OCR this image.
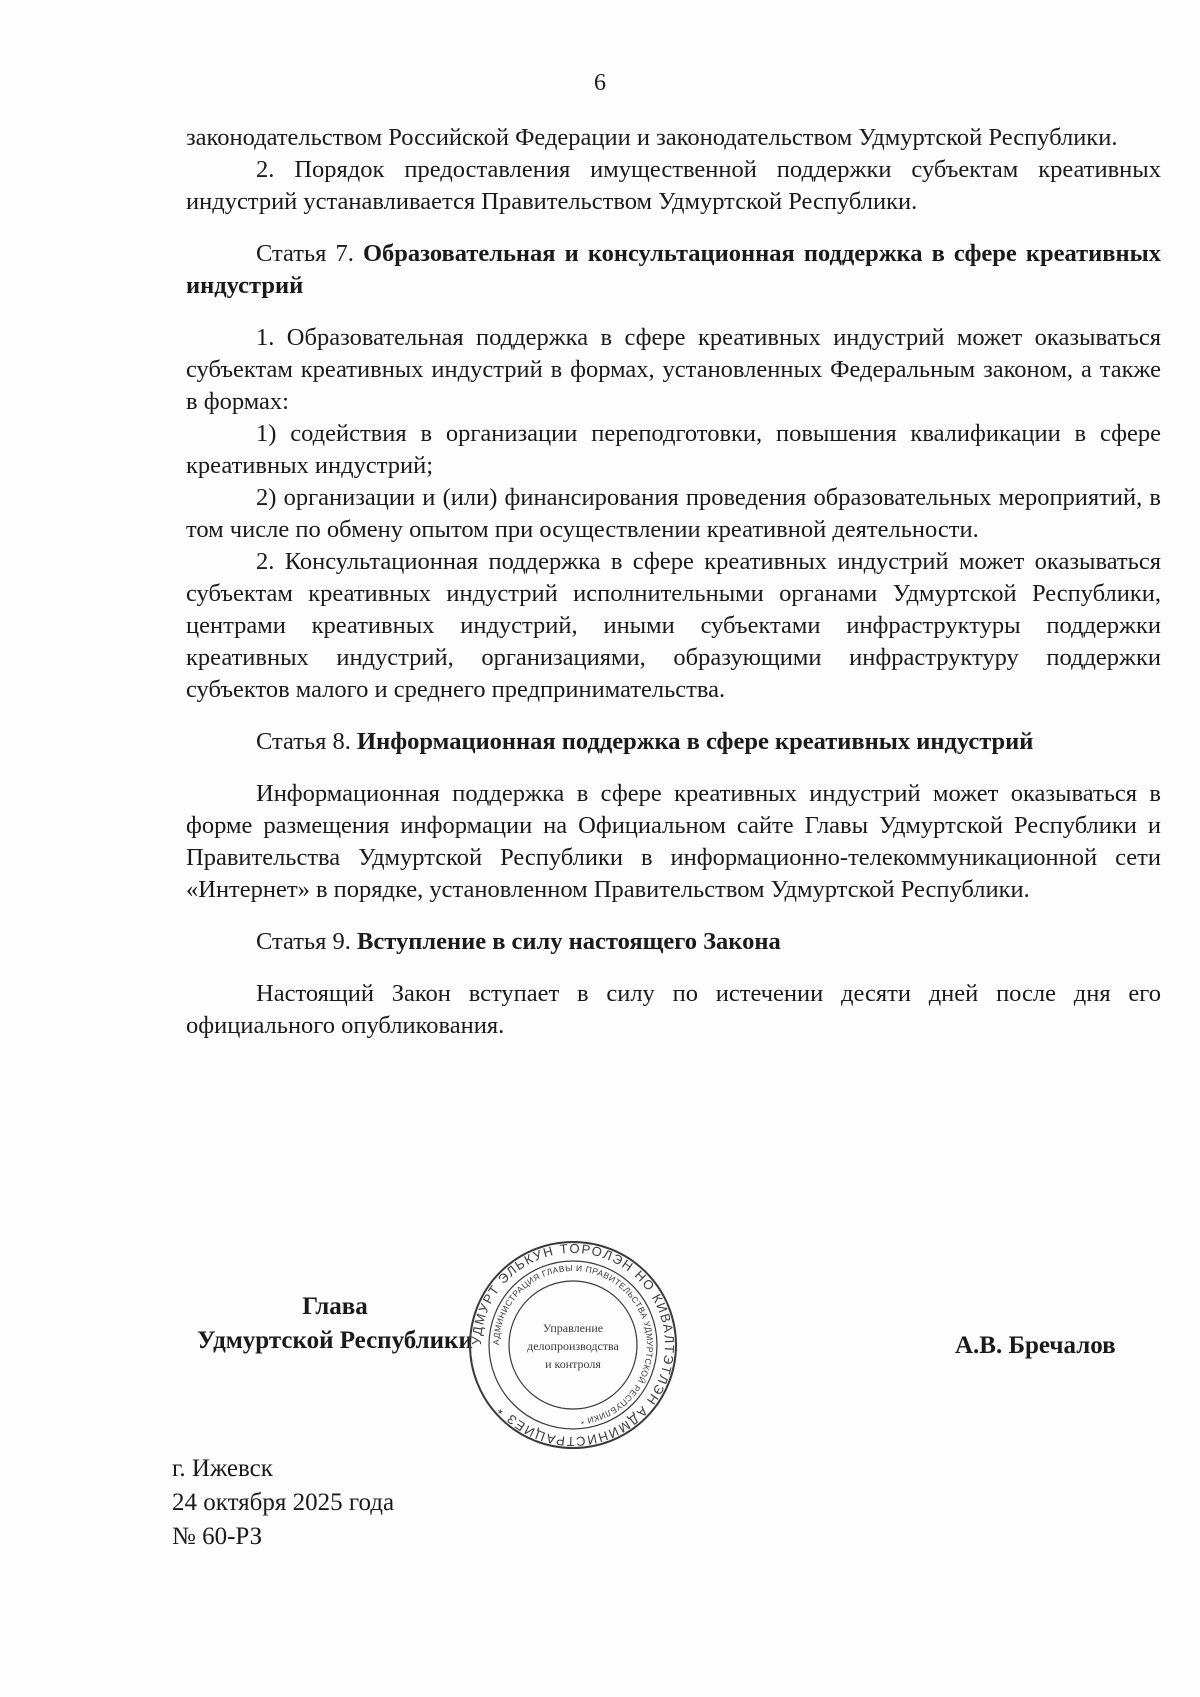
6

законодательством Российской Федерации и законодательством Удмуртской Республики.

2. Порядок предоставления имущественной поддержки субъектам креативных индустрий устанавливается Правительством Удмуртской Республики.

Статья 7. Образовательная и консультационная поддержка в сфере креативных индустрий

1. Образовательная поддержка в сфере креативных индустрий может оказываться субъектам креативных индустрий в формах, установленных Федеральным законом, а также в формах:

1) содействия в организации переподготовки, повышения квалификации в сфере креативных индустрий;

2) организации и (или) финансирования проведения образовательных мероприятий, в том числе по обмену опытом при осуществлении креативной деятельности.

2. Консультационная поддержка в сфере креативных индустрий может оказываться субъектам креативных индустрий исполнительными органами Удмуртской Республики, центрами креативных индустрий, иными субъектами инфраструктуры поддержки креативных индустрий, организациями, образующими инфраструктуру поддержки субъектов малого и среднего предпринимательства.

Статья 8. Информационная поддержка в сфере креативных индустрий

Информационная поддержка в сфере креативных индустрий может оказываться в форме размещения информации на Официальном сайте Главы Удмуртской Республики и Правительства Удмуртской Республики в информационно-телекоммуникационной сети «Интернет» в порядке, установленном Правительством Удмуртской Республики.

Статья 9. Вступление в силу настоящего Закона

Настоящий Закон вступает в силу по истечении десяти дней после дня его официального опубликования.

Глава
Удмуртской Республики
УДМУРТ ЭЛЬКУН ТӦРОЛЭН НО КИВАЛТЭТЛЭН АДМИНИСТРАЦИЕЗ *
АДМИНИСТРАЦИЯ ГЛАВЫ И ПРАВИТЕЛЬСТВА УДМУРТСКОЙ РЕСПУБЛИКИ *
Управление
делопроизводства
и контроля
А.В. Бречалов
г. Ижевск
24 октября 2025 года
№ 60-РЗ
